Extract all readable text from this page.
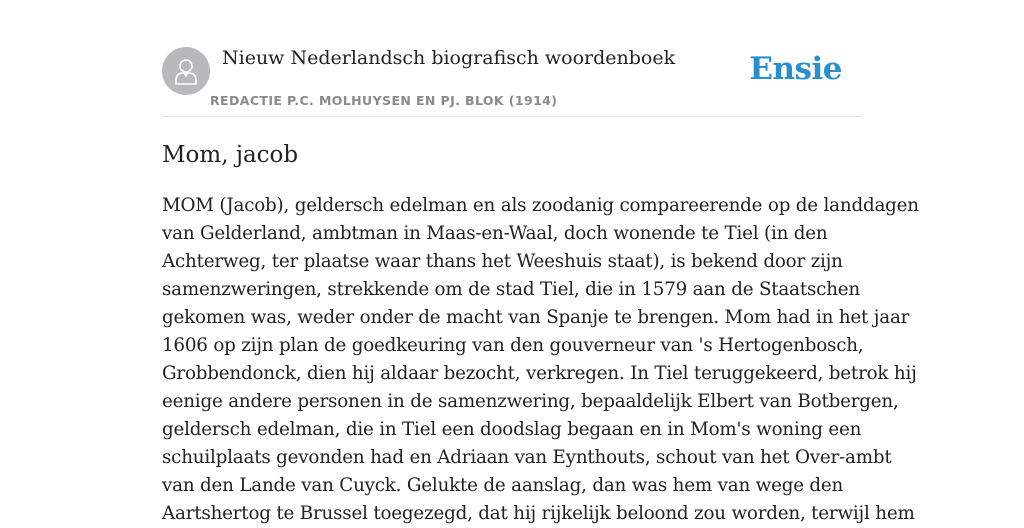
Nieuw Nederlandsch biografisch woordenboek
REDACTIE P.C. MOLHUYSEN EN PJ. BLOK (1914)
Ensie
Mom, jacob

MOM (Jacob), geldersch edelman en als zoodanig compareerende op de landdagen
van Gelderland, ambtman in Maas-en-Waal, doch wonende te Tiel (in den
Achterweg, ter plaatse waar thans het Weeshuis staat), is bekend door zijn
samenzweringen, strekkende om de stad Tiel, die in 1579 aan de Staatschen
gekomen was, weder onder de macht van Spanje te brengen. Mom had in het jaar
1606 op zijn plan de goedkeuring van den gouverneur van 's Hertogenbosch,
Grobbendonck, dien hij aldaar bezocht, verkregen. In Tiel teruggekeerd, betrok hij
eenige andere personen in de samenzwering, bepaaldelijk Elbert van Botbergen,
geldersch edelman, die in Tiel een doodslag begaan en in Mom's woning een
schuilplaats gevonden had en Adriaan van Eynthouts, schout van het Over-ambt
van den Lande van Cuyck. Gelukte de aanslag, dan was hem van wege den
Aartshertog te Brussel toegezegd, dat hij rijkelijk beloond zou worden, terwijl hem
